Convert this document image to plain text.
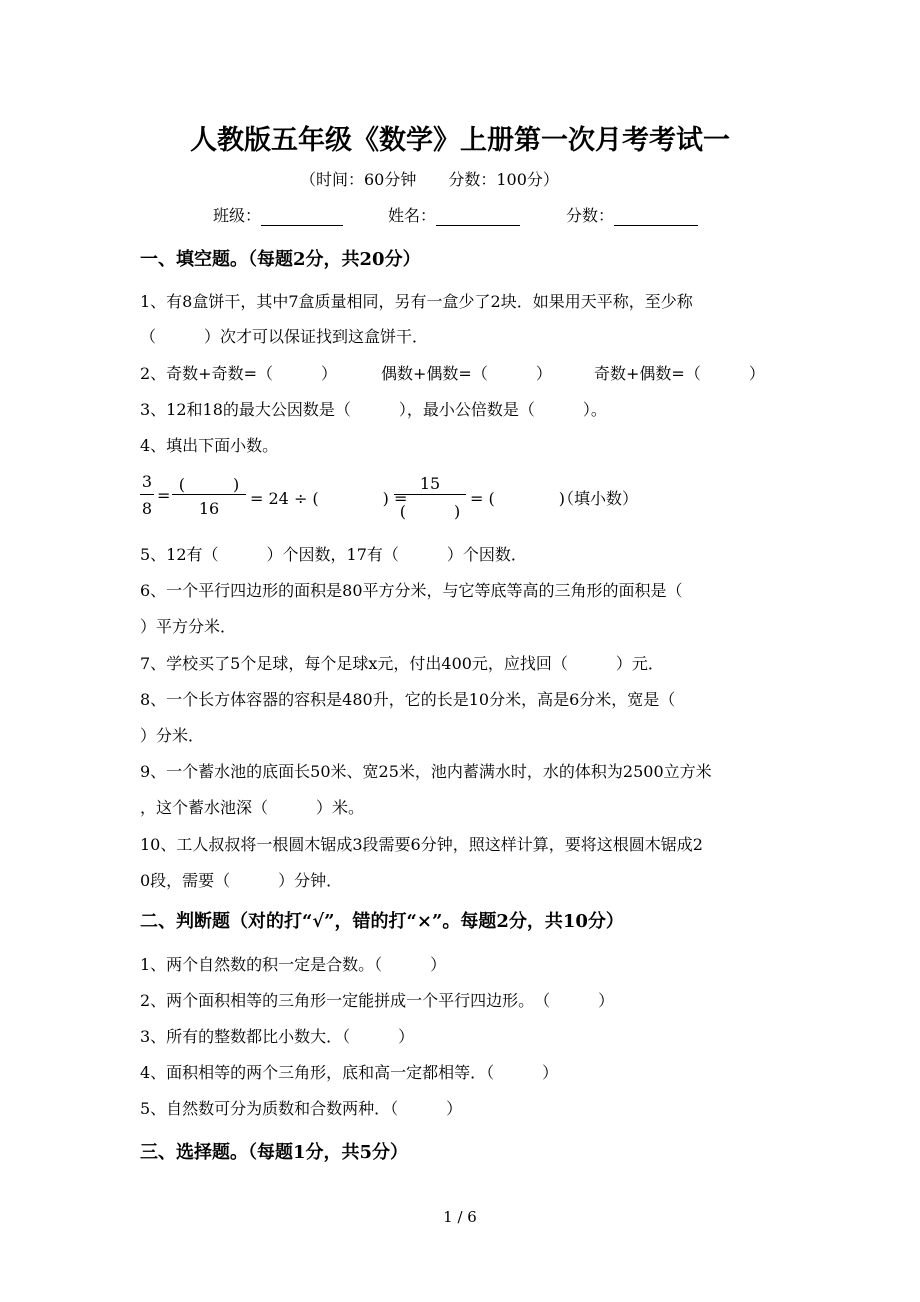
人教版五年级《数学》上册第一次月考考试一
（时间：60分钟　　分数：100分）
班级：	姓名：	分数：
一、填空题。（每题2分，共20分）
1、有8盒饼干，其中7盒质量相同，另有一盒少了2块．如果用天平称，至少称
（　　　）次才可以保证找到这盒饼干．
2、奇数+奇数=（　　　）	偶数+偶数=（　　　）	奇数+偶数=（　　　）
3、12和18的最大公因数是（　　　），最小公倍数是（　　　）。
4、填出下面小数。
3
8
=
(　　　)
16
= 24 ÷ (　　　　) =
15
(　　　)
= (　　　　)
（填小数）
5、12有（　　　）个因数，17有（　　　）个因数．
6、一个平行四边形的面积是80平方分米，与它等底等高的三角形的面积是（
）平方分米．
7、学校买了5个足球，每个足球x元，付出400元，应找回（　　　）元．
8、一个长方体容器的容积是480升，它的长是10分米，高是6分米，宽是（
）分米．
9、一个蓄水池的底面长50米、宽25米，池内蓄满水时，水的体积为2500立方米
，这个蓄水池深（　　　）米。
10、工人叔叔将一根圆木锯成3段需要6分钟，照这样计算，要将这根圆木锯成2
0段，需要（　　　）分钟．
二、判断题（对的打“√”，错的打“×”。每题2分，共10分）
1、两个自然数的积一定是合数。（　　　）
2、两个面积相等的三角形一定能拼成一个平行四边形。　（　　　）
3、所有的整数都比小数大．（　　　）
4、面积相等的两个三角形，底和高一定都相等．（　　　）
5、自然数可分为质数和合数两种．（　　　）
三、选择题。（每题1分，共5分）
1 / 6
